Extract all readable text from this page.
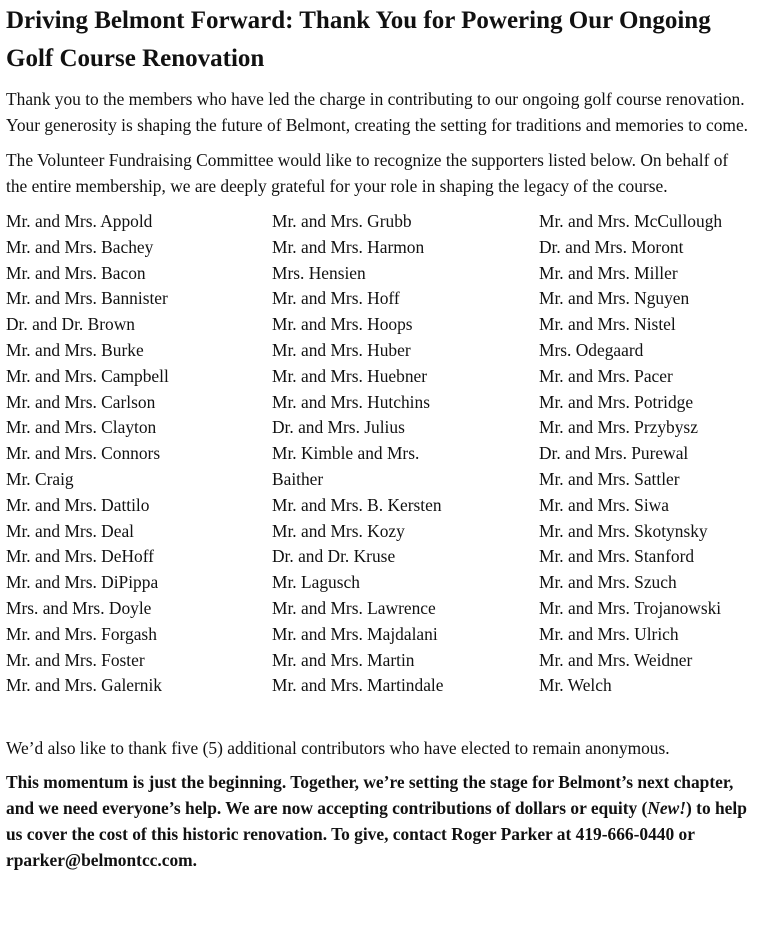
Driving Belmont Forward: Thank You for Powering Our Ongoing Golf Course Renovation

Thank you to the members who have led the charge in contributing to our ongoing golf course renovation. Your generosity is shaping the future of Belmont, creating the setting for traditions and memories to come.

The Volunteer Fundraising Committee would like to recognize the supporters listed below. On behalf of the entire membership, we are deeply grateful for your role in shaping the legacy of the course.

Mr. and Mrs. Appold
Mr. and Mrs. Bachey
Mr. and Mrs. Bacon
Mr. and Mrs. Bannister
Dr. and Dr. Brown
Mr. and Mrs. Burke
Mr. and Mrs. Campbell
Mr. and Mrs. Carlson
Mr. and Mrs. Clayton
Mr. and Mrs. Connors
Mr. Craig
Mr. and Mrs. Dattilo
Mr. and Mrs. Deal
Mr. and Mrs. DeHoff
Mr. and Mrs. DiPippa
Mrs. and Mrs. Doyle
Mr. and Mrs. Forgash
Mr. and Mrs. Foster
Mr. and Mrs. Galernik
Mr. and Mrs. Grubb
Mr. and Mrs. Harmon
Mrs. Hensien
Mr. and Mrs. Hoff
Mr. and Mrs. Hoops
Mr. and Mrs. Huber
Mr. and Mrs. Huebner
Mr. and Mrs. Hutchins
Dr. and Mrs. Julius
Mr. Kimble and Mrs. Baither
Mr. and Mrs. B. Kersten
Mr. and Mrs. Kozy
Dr. and Dr. Kruse
Mr. Lagusch
Mr. and Mrs. Lawrence
Mr. and Mrs. Majdalani
Mr. and Mrs. Martin
Mr. and Mrs. Martindale
Mr. and Mrs. McCullough
Dr. and Mrs. Moront
Mr. and Mrs. Miller
Mr. and Mrs. Nguyen
Mr. and Mrs. Nistel
Mrs. Odegaard
Mr. and Mrs. Pacer
Mr. and Mrs. Potridge
Mr. and Mrs. Przybysz
Dr. and Mrs. Purewal
Mr. and Mrs. Sattler
Mr. and Mrs. Siwa
Mr. and Mrs. Skotynsky
Mr. and Mrs. Stanford
Mr. and Mrs. Szuch
Mr. and Mrs. Trojanowski
Mr. and Mrs. Ulrich
Mr. and Mrs. Weidner
Mr. Welch

We’d also like to thank five (5) additional contributors who have elected to remain anonymous.

This momentum is just the beginning. Together, we’re setting the stage for Belmont’s next chapter, and we need everyone’s help. We are now accepting contributions of dollars or equity (New!) to help us cover the cost of this historic renovation. To give, contact Roger Parker at 419-666-0440 or rparker@belmontcc.com.
